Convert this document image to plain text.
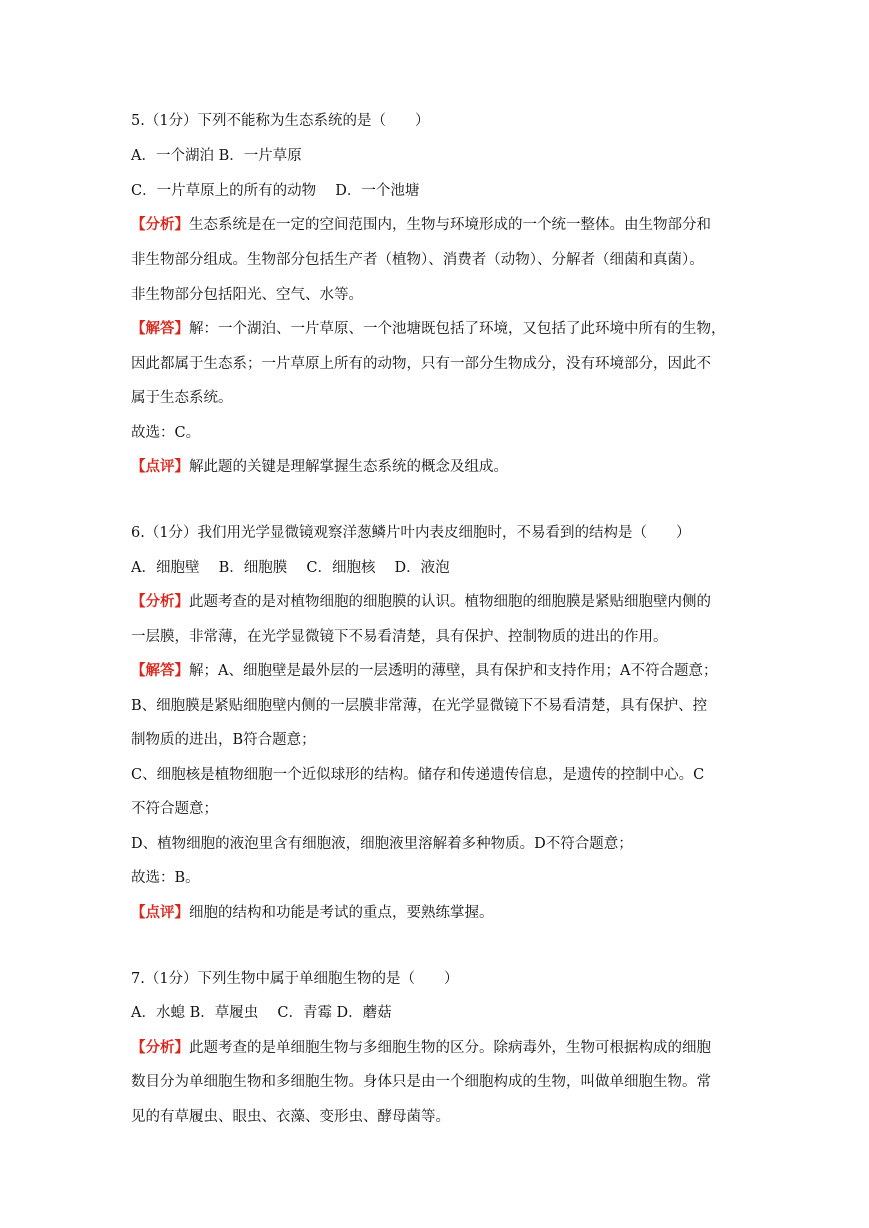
5.（1分）下列不能称为生态系统的是（　　）
A．一个湖泊 B．一片草原
C．一片草原上的所有的动物　 D．一个池塘
【分析】生态系统是在一定的空间范围内，生物与环境形成的一个统一整体。由生物部分和
非生物部分组成。生物部分包括生产者（植物）、消费者（动物）、分解者（细菌和真菌）。
非生物部分包括阳光、空气、水等。
【解答】解：一个湖泊、一片草原、一个池塘既包括了环境，又包括了此环境中所有的生物，
因此都属于生态系；一片草原上所有的动物，只有一部分生物成分，没有环境部分，因此不
属于生态系统。
故选：C。
【点评】解此题的关键是理解掌握生态系统的概念及组成。
6.（1分）我们用光学显微镜观察洋葱鳞片叶内表皮细胞时，不易看到的结构是（　　）
A．细胞壁　 B．细胞膜　 C．细胞核　 D．液泡
【分析】此题考查的是对植物细胞的细胞膜的认识。植物细胞的细胞膜是紧贴细胞壁内侧的
一层膜，非常薄，在光学显微镜下不易看清楚，具有保护、控制物质的进出的作用。
【解答】解；A、细胞壁是最外层的一层透明的薄壁，具有保护和支持作用；A不符合题意；
B、细胞膜是紧贴细胞壁内侧的一层膜非常薄，在光学显微镜下不易看清楚，具有保护、控
制物质的进出，B符合题意；
C、细胞核是植物细胞一个近似球形的结构。储存和传递遗传信息，是遗传的控制中心。C
不符合题意；
D、植物细胞的液泡里含有细胞液，细胞液里溶解着多种物质。D不符合题意；
故选：B。
【点评】细胞的结构和功能是考试的重点，要熟练掌握。
7.（1分）下列生物中属于单细胞生物的是（　　）
A．水螅 B．草履虫　 C．青霉 D．蘑菇
【分析】此题考查的是单细胞生物与多细胞生物的区分。除病毒外，生物可根据构成的细胞
数目分为单细胞生物和多细胞生物。身体只是由一个细胞构成的生物，叫做单细胞生物。常
见的有草履虫、眼虫、衣藻、变形虫、酵母菌等。
